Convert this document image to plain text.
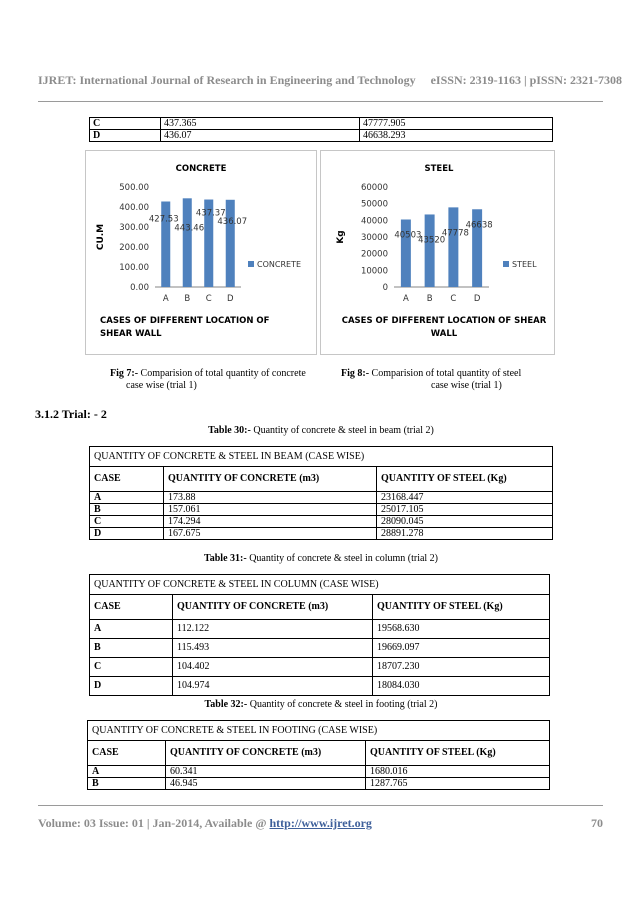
IJRET: International Journal of Research in Engineering and Technology eISSN: 2319-1163 | pISSN: 2321-7308
C	437.365	47777.905
D	436.07	46638.293
CONCRETE
0.00
100.00
200.00
300.00
400.00
500.00
CU.M
A
427.53
B
443.46
C
437.37
D
436.07
CONCRETE
CASES OF DIFFERENT LOCATION OF SHEAR WALL
STEEL
0
10000
20000
30000
40000
50000
60000
Kg
A
40503
B
43520
C
47778
D
46638
STEEL
CASES OF DIFFERENT LOCATION OF SHEAR WALL
Fig 7:- Comparision of total quantity of concrete
case wise (trial 1)
Fig 8:- Comparision of total quantity of steel
case wise (trial 1)
3.1.2 Trial: - 2
Table 30:- Quantity of concrete & steel in beam (trial 2)
QUANTITY OF CONCRETE & STEEL IN BEAM (CASE WISE)
CASE	QUANTITY OF CONCRETE (m3)	QUANTITY OF STEEL (Kg)
A	173.88	23168.447
B	157.061	25017.105
C	174.294	28090.045
D	167.675	28891.278
Table 31:- Quantity of concrete & steel in column (trial 2)
QUANTITY OF CONCRETE & STEEL IN COLUMN (CASE WISE)
CASE	QUANTITY OF CONCRETE (m3)	QUANTITY OF STEEL (Kg)
A	112.122	19568.630
B	115.493	19669.097
C	104.402	18707.230
D	104.974	18084.030
Table 32:- Quantity of concrete & steel in footing (trial 2)
QUANTITY OF CONCRETE & STEEL IN FOOTING (CASE WISE)
CASE	QUANTITY OF CONCRETE (m3)	QUANTITY OF STEEL (Kg)
A	60.341	1680.016
B	46.945	1287.765
Volume: 03 Issue: 01 | Jan-2014, Available @ http://www.ijret.org	70
